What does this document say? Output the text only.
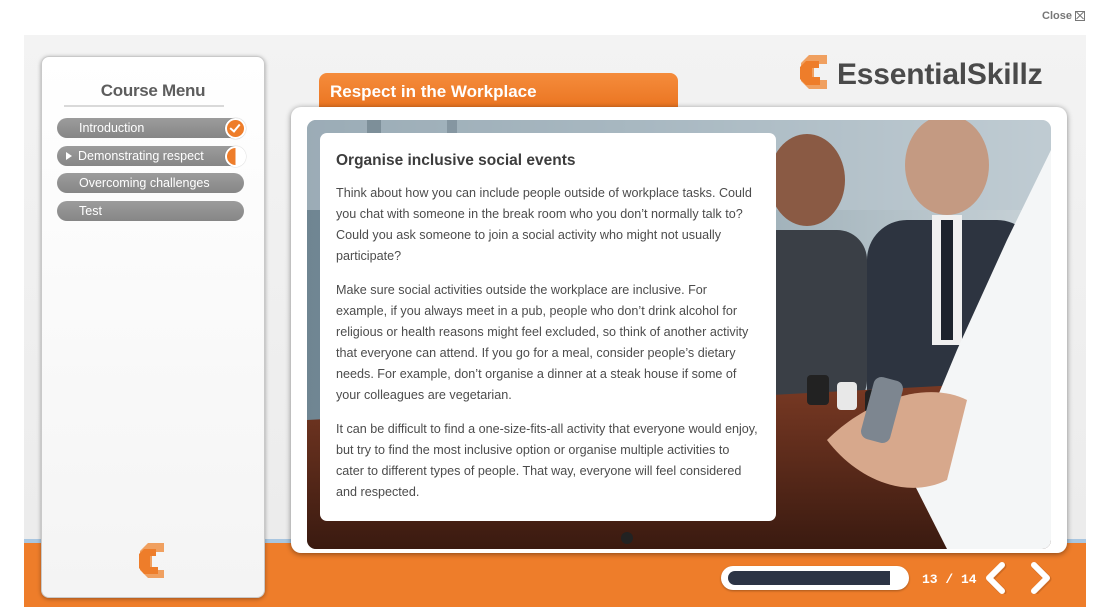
Close
Course Menu
Introduction
Demonstrating respect
Overcoming challenges
Test
EssentialSkillz
Respect in the Workplace
Organise inclusive social events

Think about how you can include people outside of workplace tasks. Could you chat with someone in the break room who you don’t normally talk to? Could you ask someone to join a social activity who might not usually participate?

Make sure social activities outside the workplace are inclusive. For example, if you always meet in a pub, people who don’t drink alcohol for religious or health reasons might feel excluded, so think of another activity that everyone can attend. If you go for a meal, consider people’s dietary needs. For example, don’t organise a dinner at a steak house if some of your colleagues are vegetarian.

It can be difficult to find a one-size-fits-all activity that everyone would enjoy, but try to find the most inclusive option or organise multiple activities to cater to different types of people. That way, everyone will feel considered and respected.

13 / 14
